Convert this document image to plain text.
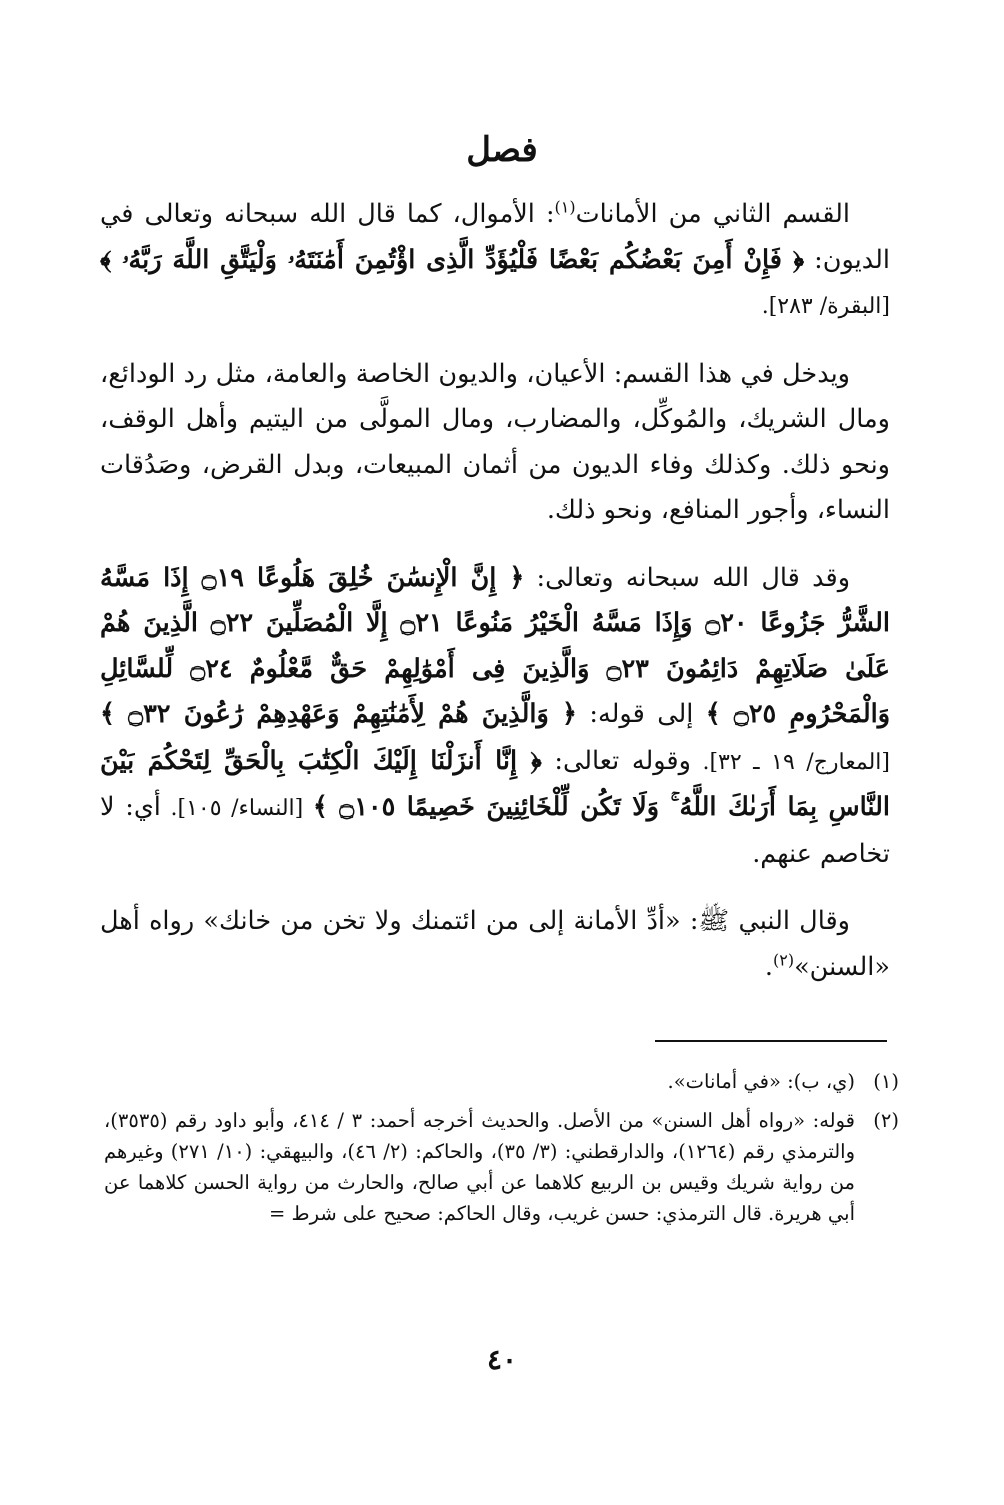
فصل

القسم الثاني من الأمانات$^{(١)}$: الأموال، كما قال الله سبحانه وتعالى في الديون: ﴿ فَإِنْ أَمِنَ بَعْضُكُم بَعْضًا فَلْيُؤَدِّ الَّذِى اؤْتُمِنَ أَمَٰنَتَهُۥ وَلْيَتَّقِ اللَّهَ رَبَّهُۥ ﴾ [البقرة/ ٢٨٣].

ويدخل في هذا القسم: الأعيان، والديون الخاصة والعامة، مثل رد الودائع، ومال الشريك، والمُوكِّل، والمضارب، ومال المولَّى من اليتيم وأهل الوقف، ونحو ذلك. وكذلك وفاء الديون من أثمان المبيعات، وبدل القرض، وصَدُقات النساء، وأجور المنافع، ونحو ذلك.

وقد قال الله سبحانه وتعالى: ﴿ إِنَّ الْإِنسَٰنَ خُلِقَ هَلُوعًا ۝١٩ إِذَا مَسَّهُ الشَّرُّ جَزُوعًا ۝٢٠ وَإِذَا مَسَّهُ الْخَيْرُ مَنُوعًا ۝٢١ إِلَّا الْمُصَلِّينَ ۝٢٢ الَّذِينَ هُمْ عَلَىٰ صَلَاتِهِمْ دَائِمُونَ ۝٢٣ وَالَّذِينَ فِى أَمْوَٰلِهِمْ حَقٌّ مَّعْلُومٌ ۝٢٤ لِّلسَّائِلِ وَالْمَحْرُومِ ۝٢٥ ﴾ إلى قوله: ﴿ وَالَّذِينَ هُمْ لِأَمَٰنَٰتِهِمْ وَعَهْدِهِمْ رَٰعُونَ ۝٣٢ ﴾ [المعارج/ ١٩ ـ ٣٢]. وقوله تعالى: ﴿ إِنَّا أَنزَلْنَا إِلَيْكَ الْكِتَٰبَ بِالْحَقِّ لِتَحْكُمَ بَيْنَ النَّاسِ بِمَا أَرَىٰكَ اللَّهُ ۚ وَلَا تَكُن لِّلْخَائِنِينَ خَصِيمًا ۝١٠٥ ﴾ [النساء/ ١٠٥]. أي: لا تخاصم عنهم.

وقال النبي ﷺ: «أدِّ الأمانة إلى من ائتمنك ولا تخن من خانك» رواه أهل «السنن»$^{(٢)}$.

(١)
(ي، ب): «في أمانات».
(٢)
قوله: «رواه أهل السنن» من الأصل. والحديث أخرجه أحمد: ٣ / ٤١٤، وأبو داود رقم (٣٥٣٥)، والترمذي رقم (١٢٦٤)، والدارقطني: (٣/ ٣٥)، والحاكم: (٢/ ٤٦)، والبيهقي: (١٠/ ٢٧١) وغيرهم من رواية شريك وقيس بن الربيع كلاهما عن أبي صالح، والحارث من رواية الحسن كلاهما عن أبي هريرة. قال الترمذي: حسن غريب، وقال الحاكم: صحيح على شرط =
٤٠
